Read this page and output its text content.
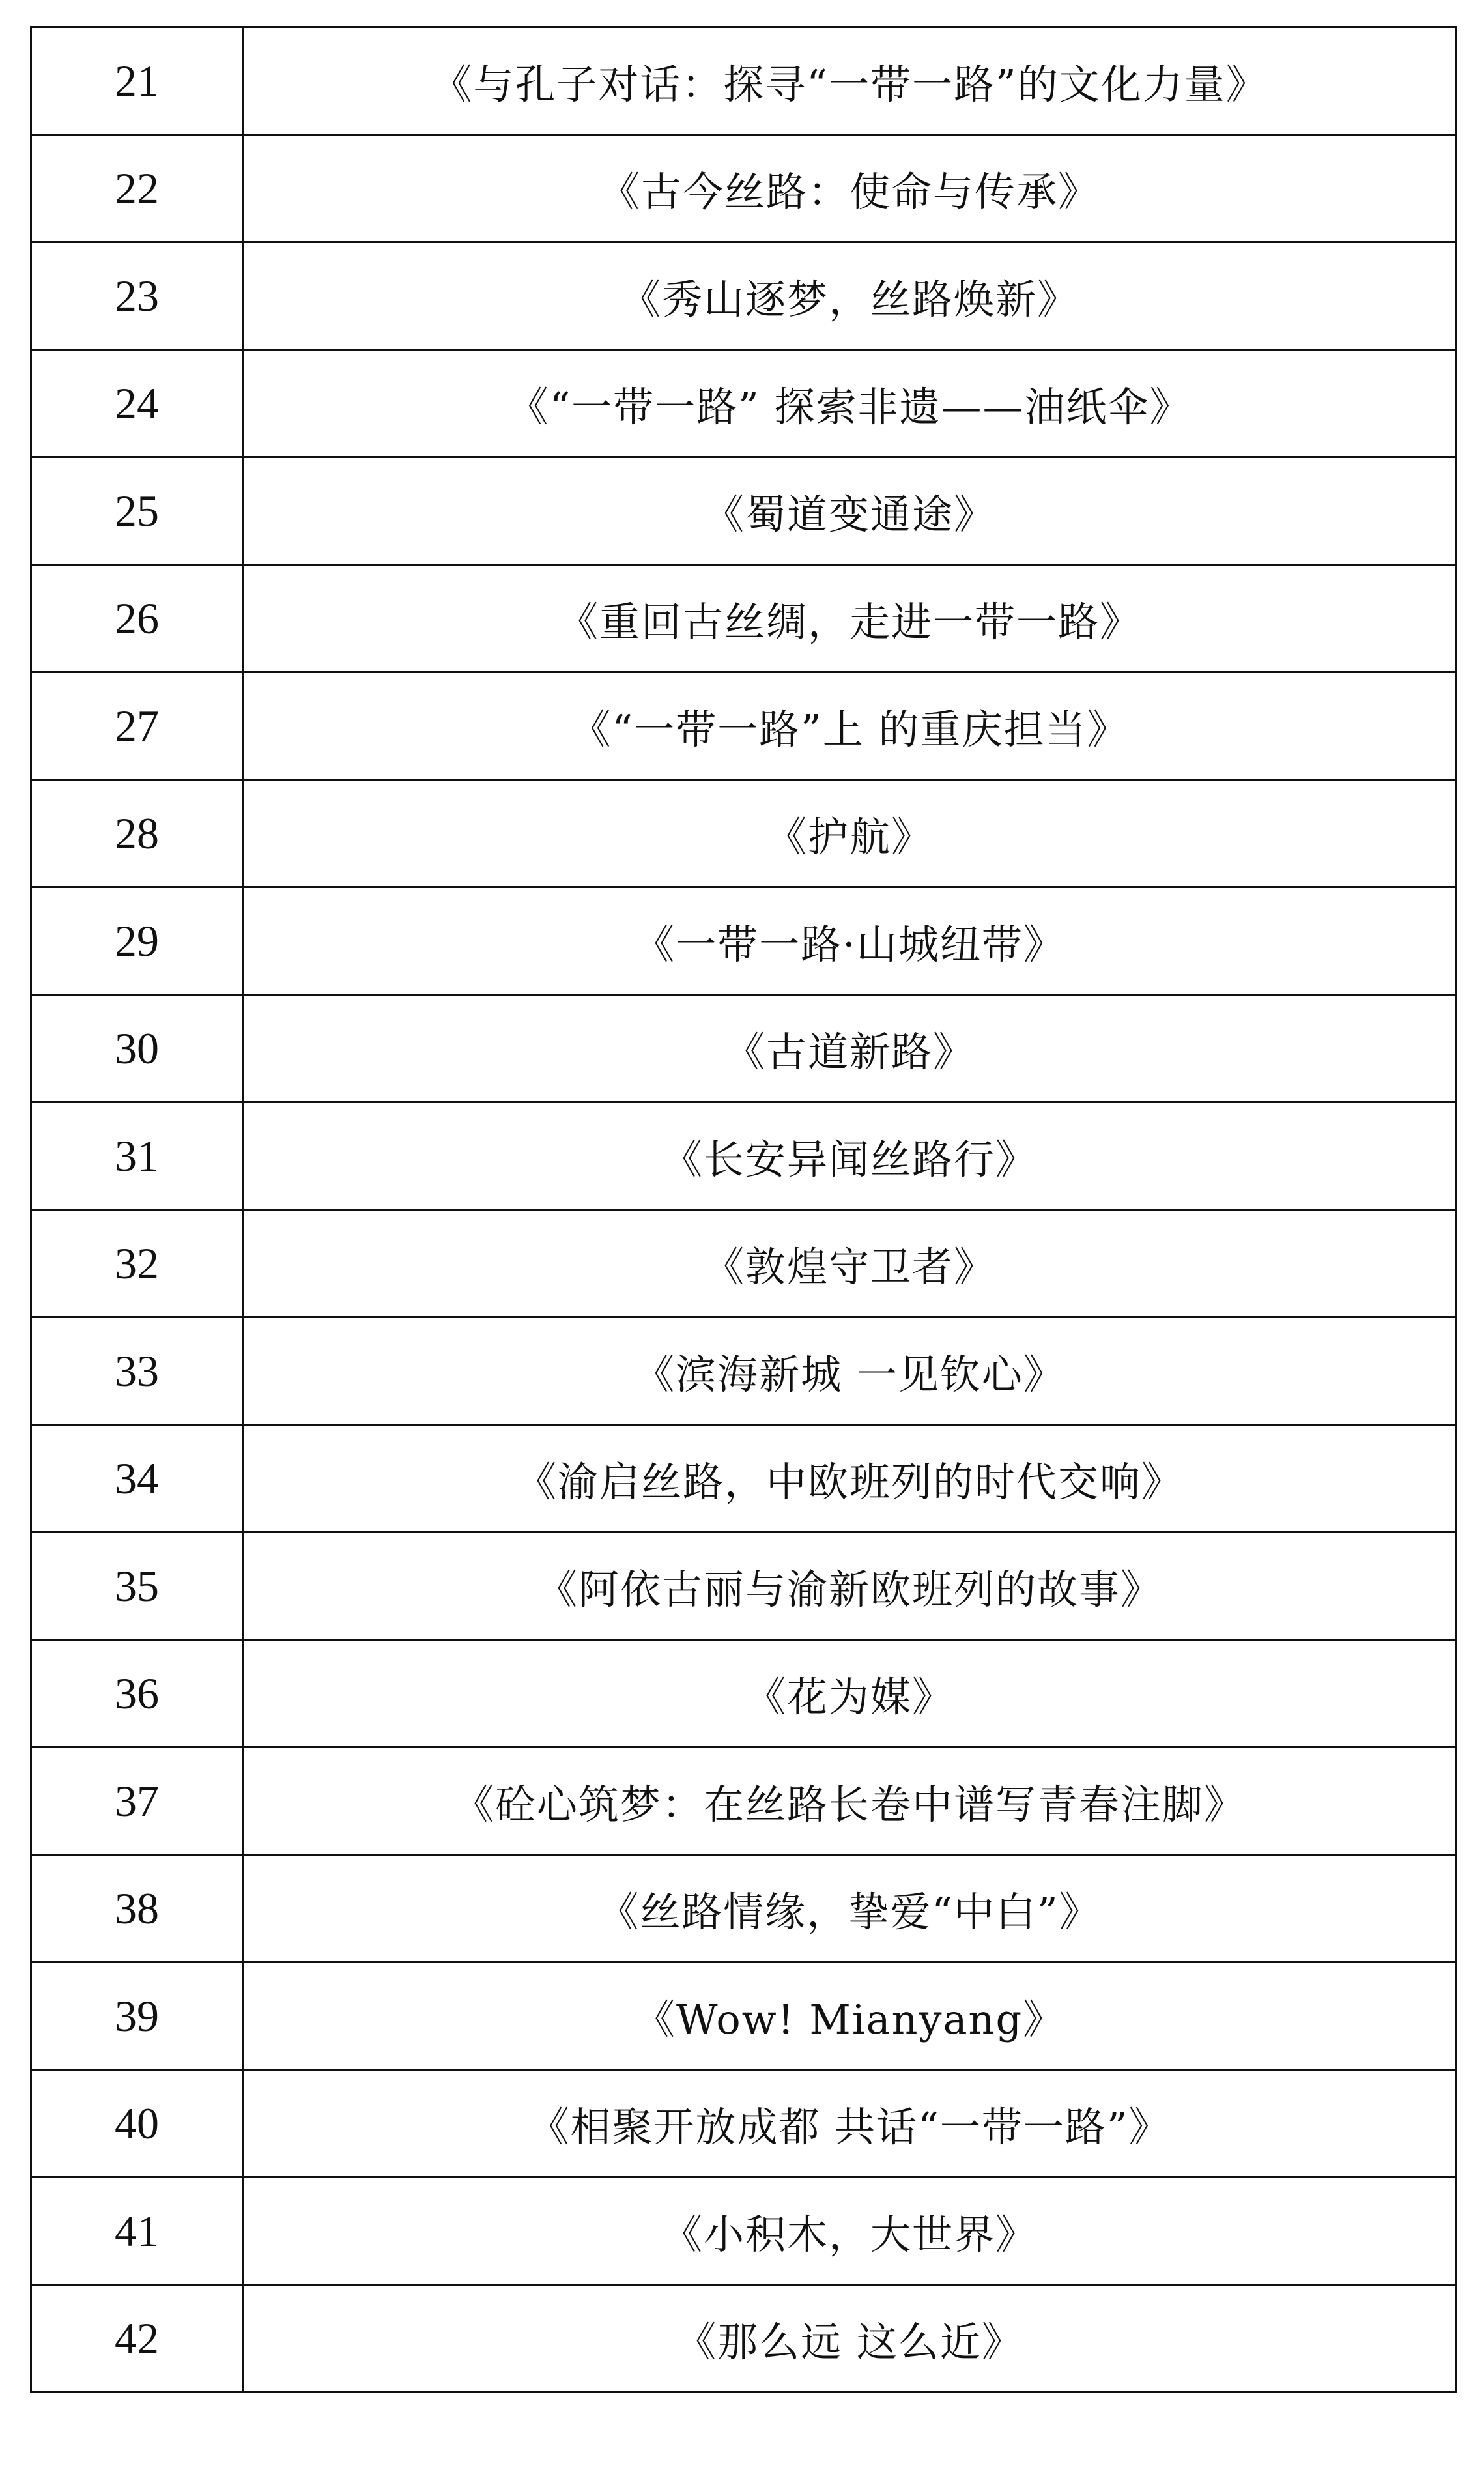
21	《与孔子对话：探寻“一带一路”的文化力量》
22	《古今丝路：使命与传承》
23	《秀山逐梦，丝路焕新》
24	《“一带一路” 探索非遗——油纸伞》
25	《蜀道变通途》
26	《重回古丝绸，走进一带一路》
27	《“一带一路”上 的重庆担当》
28	《护航》
29	《一带一路·山城纽带》
30	《古道新路》
31	《长安异闻丝路行》
32	《敦煌守卫者》
33	《滨海新城 一见钦心》
34	《渝启丝路，中欧班列的时代交响》
35	《阿依古丽与渝新欧班列的故事》
36	《花为媒》
37	《砼心筑梦：在丝路长卷中谱写青春注脚》
38	《丝路情缘，挚爱“中白”》
39	《Wow! Mianyang》
40	《相聚开放成都 共话“一带一路”》
41	《小积木，大世界》
42	《那么远 这么近》
